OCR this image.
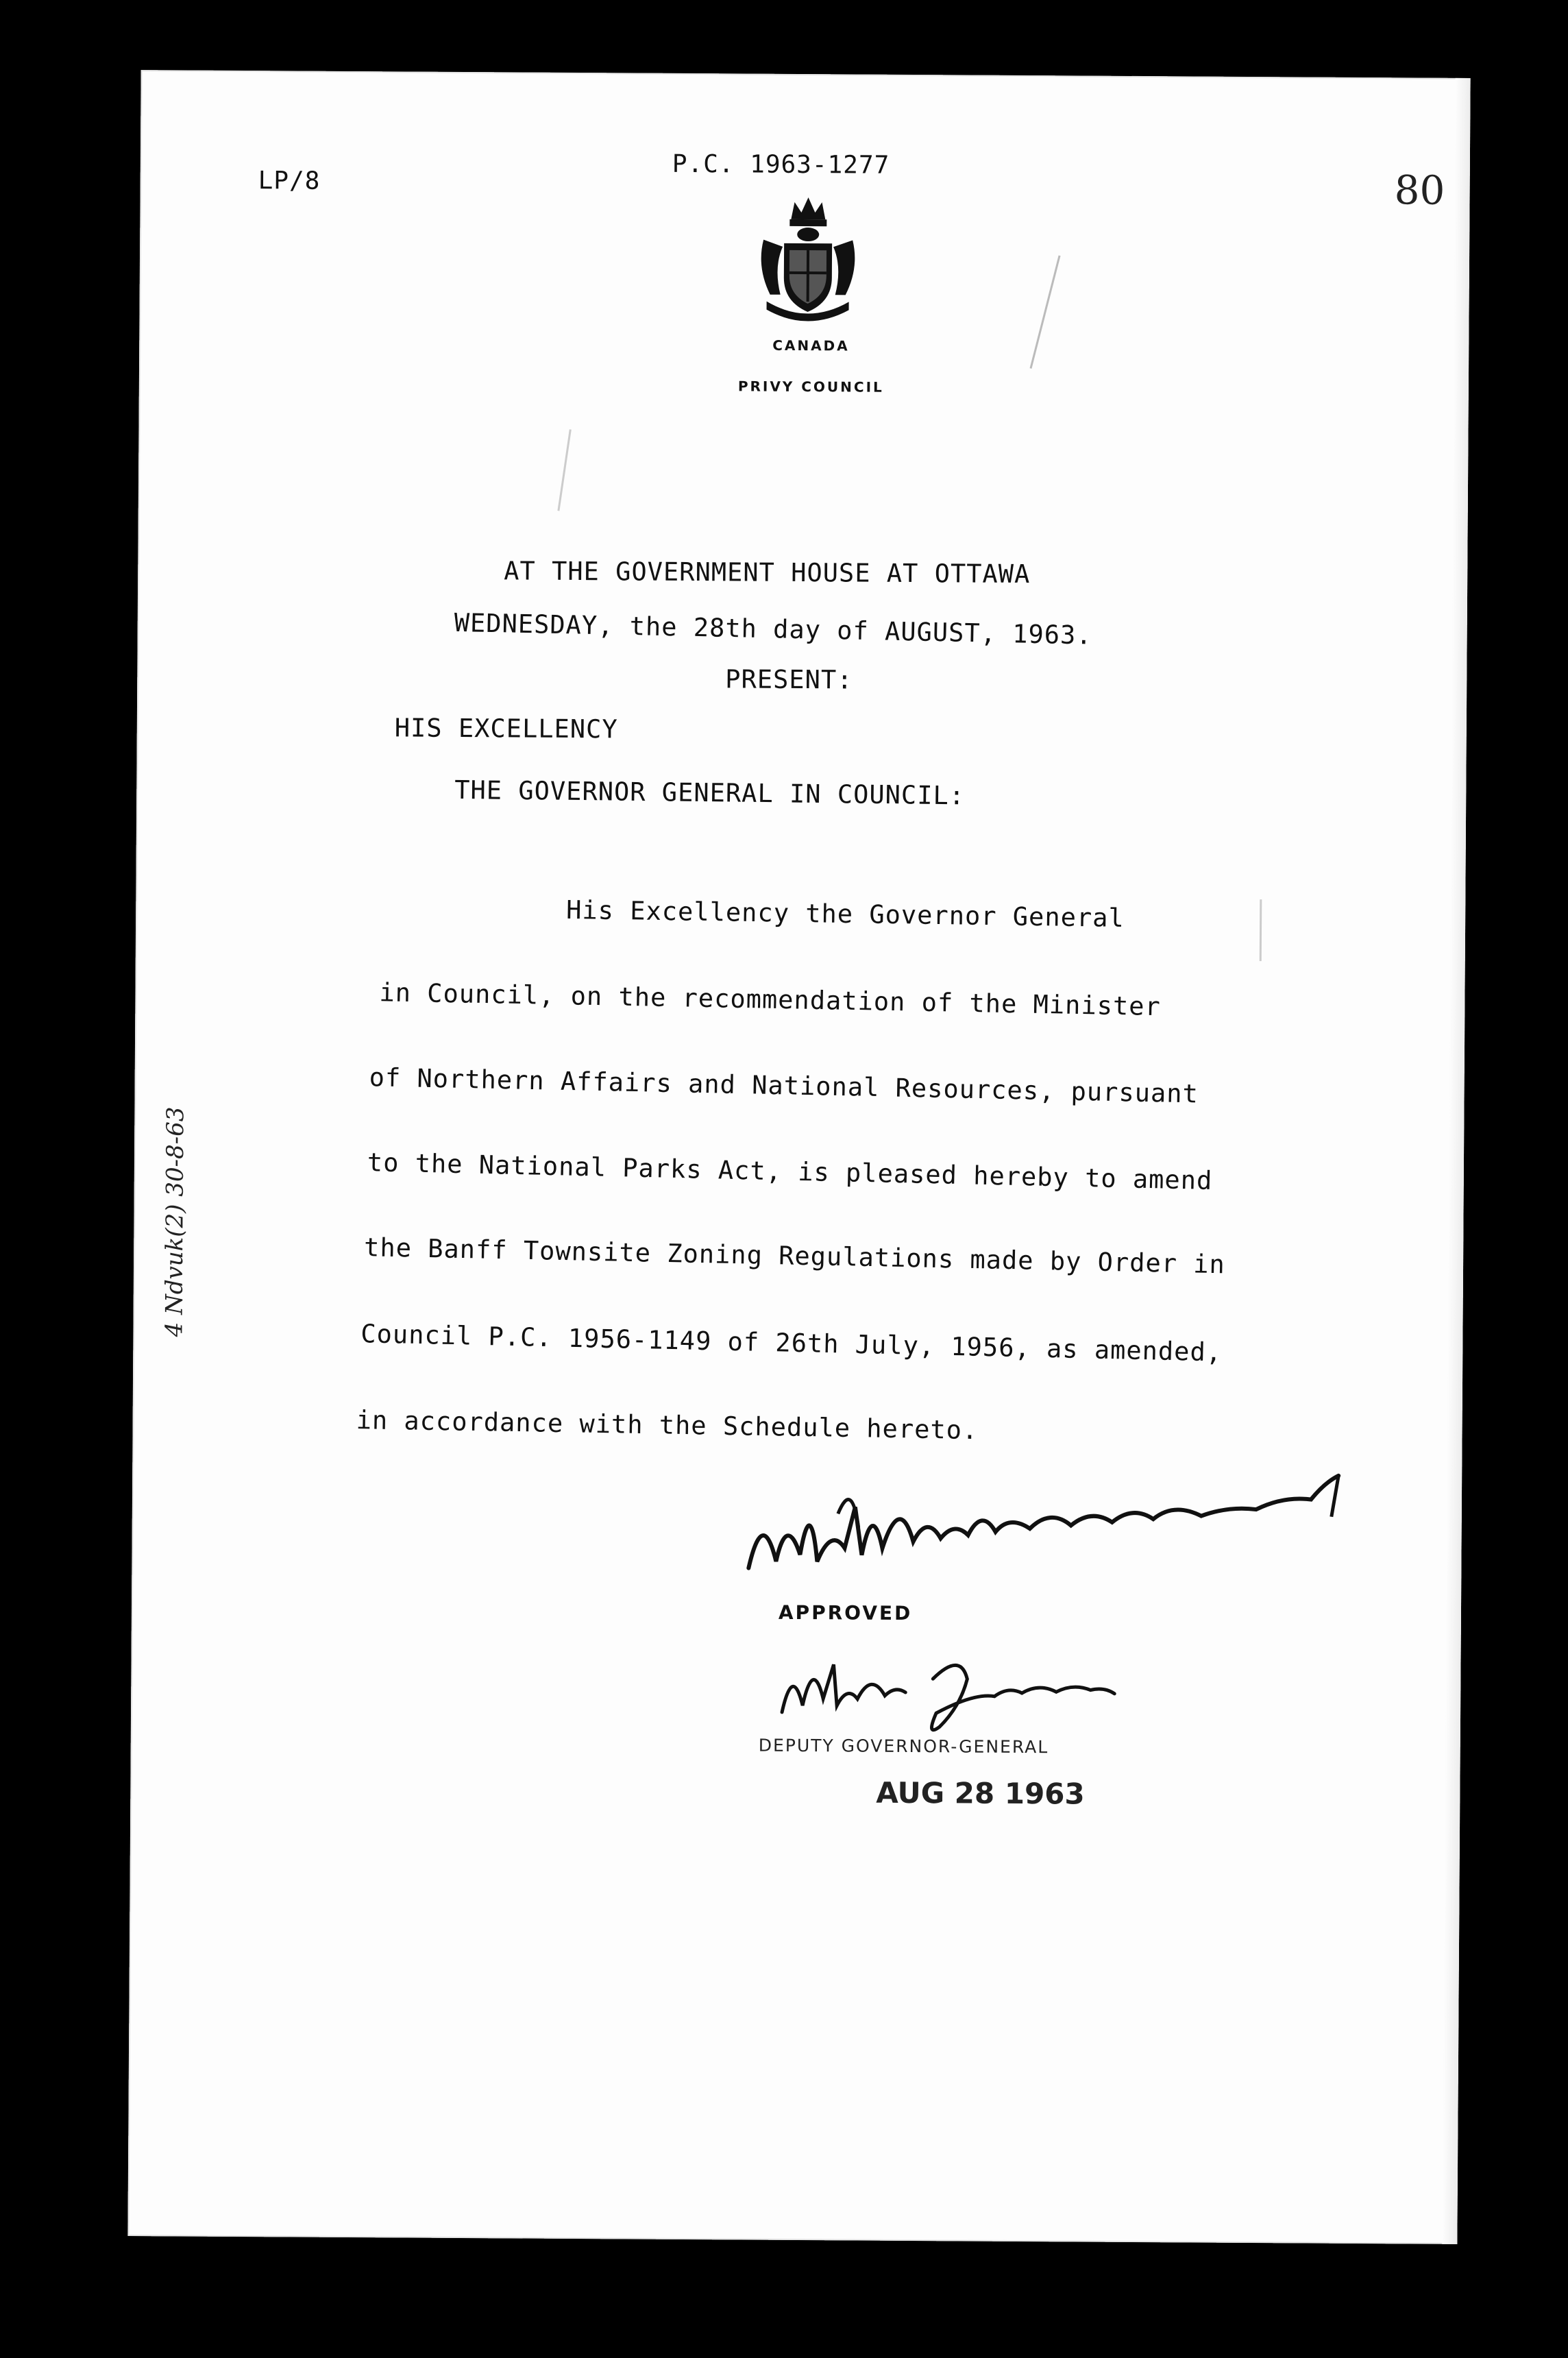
LP/8
P.C. 1963-1277
80
CANADA
PRIVY COUNCIL
AT THE GOVERNMENT HOUSE AT OTTAWA
WEDNESDAY, the 28th day of AUGUST, 1963.
PRESENT:
HIS EXCELLENCY
THE GOVERNOR GENERAL IN COUNCIL:
His Excellency the Governor General
in Council, on the recommendation of the Minister
of Northern Affairs and National Resources, pursuant
to the National Parks Act, is pleased hereby to amend
the Banff Townsite Zoning Regulations made by Order in
Council P.C. 1956-1149 of 26th July, 1956, as amended,
in accordance with the Schedule hereto.
APPROVED
DEPUTY GOVERNOR-GENERAL
AUG 28 1963
4 Ndvuk(2) 30-8-63
